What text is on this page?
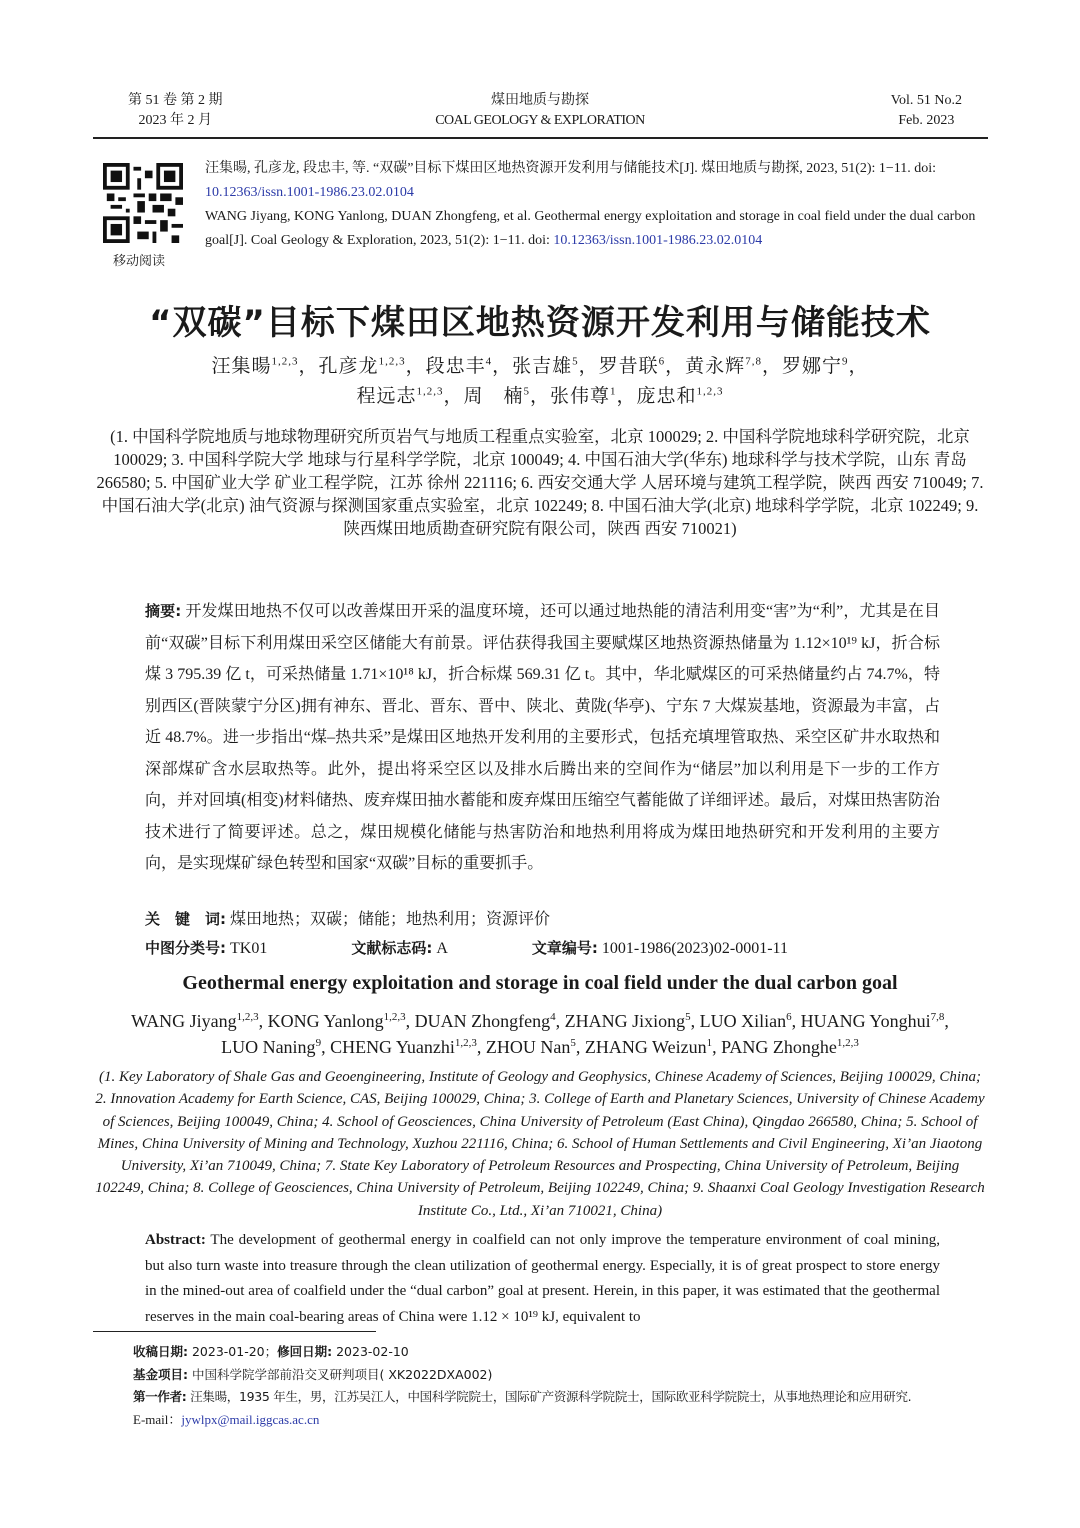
第 51 卷 第 2 期
2023 年 2 月
煤田地质与勘探
COAL GEOLOGY & EXPLORATION
Vol. 51 No.2
Feb. 2023
移动阅读
汪集暘, 孔彦龙, 段忠丰, 等. “双碳”目标下煤田区地热资源开发利用与储能技术[J]. 煤田地质与勘探, 2023, 51(2): 1−11. doi: 10.12363/issn.1001-1986.23.02.0104
WANG Jiyang, KONG Yanlong, DUAN Zhongfeng, et al. Geothermal energy exploitation and storage in coal field under the dual carbon goal[J]. Coal Geology & Exploration, 2023, 51(2): 1−11. doi: 10.12363/issn.1001-1986.23.02.0104
“双碳”目标下煤田区地热资源开发利用与储能技术
汪集暘$^{1,2,3}$，孔彦龙$^{1,2,3}$，段忠丰$^4$，张吉雄$^5$，罗昔联$^6$，黄永辉$^{7,8}$，罗娜宁$^9$，
程远志$^{1,2,3}$，周　楠$^5$，张伟尊$^1$，庞忠和$^{1,2,3}$
(1. 中国科学院地质与地球物理研究所页岩气与地质工程重点实验室，北京 100029; 2. 中国科学院地球科学研究院，北京 100029; 3. 中国科学院大学 地球与行星科学学院，北京 100049; 4. 中国石油大学(华东) 地球科学与技术学院，山东 青岛 266580; 5. 中国矿业大学 矿业工程学院，江苏 徐州 221116; 6. 西安交通大学 人居环境与建筑工程学院，陕西 西安 710049; 7. 中国石油大学(北京) 油气资源与探测国家重点实验室，北京 102249; 8. 中国石油大学(北京) 地球科学学院，北京 102249; 9. 陕西煤田地质勘查研究院有限公司，陕西 西安 710021)
摘要: 开发煤田地热不仅可以改善煤田开采的温度环境，还可以通过地热能的清洁利用变“害”为“利”，尤其是在目前“双碳”目标下利用煤田采空区储能大有前景。评估获得我国主要赋煤区地热资源热储量为 1.12×10¹⁹ kJ，折合标煤 3 795.39 亿 t，可采热储量 1.71×10¹⁸ kJ，折合标煤 569.31 亿 t。其中，华北赋煤区的可采热储量约占 74.7%，特别西区(晋陕蒙宁分区)拥有神东、晋北、晋东、晋中、陕北、黄陇(华亭)、宁东 7 大煤炭基地，资源最为丰富，占近 48.7%。进一步指出“煤–热共采”是煤田区地热开发利用的主要形式，包括充填埋管取热、采空区矿井水取热和深部煤矿含水层取热等。此外，提出将采空区以及排水后腾出来的空间作为“储层”加以利用是下一步的工作方向，并对回填(相变)材料储热、废弃煤田抽水蓄能和废弃煤田压缩空气蓄能做了详细评述。最后，对煤田热害防治技术进行了简要评述。总之，煤田规模化储能与热害防治和地热利用将成为煤田地热研究和开发利用的主要方向，是实现煤矿绿色转型和国家“双碳”目标的重要抓手。
关　键　词: 煤田地热；双碳；储能；地热利用；资源评价
中图分类号: TK01	文献标志码: A	文章编号: 1001-1986(2023)02-0001-11
Geothermal energy exploitation and storage in coal field under the dual carbon goal
WANG Jiyang$^{1,2,3}$, KONG Yanlong$^{1,2,3}$, DUAN Zhongfeng$^4$, ZHANG Jixiong$^5$, LUO Xilian$^6$, HUANG Yonghui$^{7,8}$,
LUO Naning$^9$, CHENG Yuanzhi$^{1,2,3}$, ZHOU Nan$^5$, ZHANG Weizun$^1$, PANG Zhonghe$^{1,2,3}$
(1. Key Laboratory of Shale Gas and Geoengineering, Institute of Geology and Geophysics, Chinese Academy of Sciences, Beijing 100029, China; 2. Innovation Academy for Earth Science, CAS, Beijing 100029, China; 3. College of Earth and Planetary Sciences, University of Chinese Academy of Sciences, Beijing 100049, China; 4. School of Geosciences, China University of Petroleum (East China), Qingdao 266580, China; 5. School of Mines, China University of Mining and Technology, Xuzhou 221116, China; 6. School of Human Settlements and Civil Engineering, Xi’an Jiaotong University, Xi’an 710049, China; 7. State Key Laboratory of Petroleum Resources and Prospecting, China University of Petroleum, Beijing 102249, China; 8. College of Geosciences, China University of Petroleum, Beijing 102249, China; 9. Shaanxi Coal Geology Investigation Research Institute Co., Ltd., Xi’an 710021, China)
Abstract: The development of geothermal energy in coalfield can not only improve the temperature environment of coal mining, but also turn waste into treasure through the clean utilization of geothermal energy. Especially, it is of great prospect to store energy in the mined-out area of coalfield under the “dual carbon” goal at present. Herein, in this paper, it was estimated that the geothermal reserves in the main coal-bearing areas of China were 1.12 × 10¹⁹ kJ, equivalent to
收稿日期: 2023-01-20；修回日期: 2023-02-10
基金项目: 中国科学院学部前沿交叉研判项目( XK2022DXA002)
第一作者: 汪集暘，1935 年生，男，江苏吴江人，中国科学院院士，国际矿产资源科学院院士，国际欧亚科学院院士，从事地热理论和应用研究.
E-mail：jywlpx@mail.iggcas.ac.cn
